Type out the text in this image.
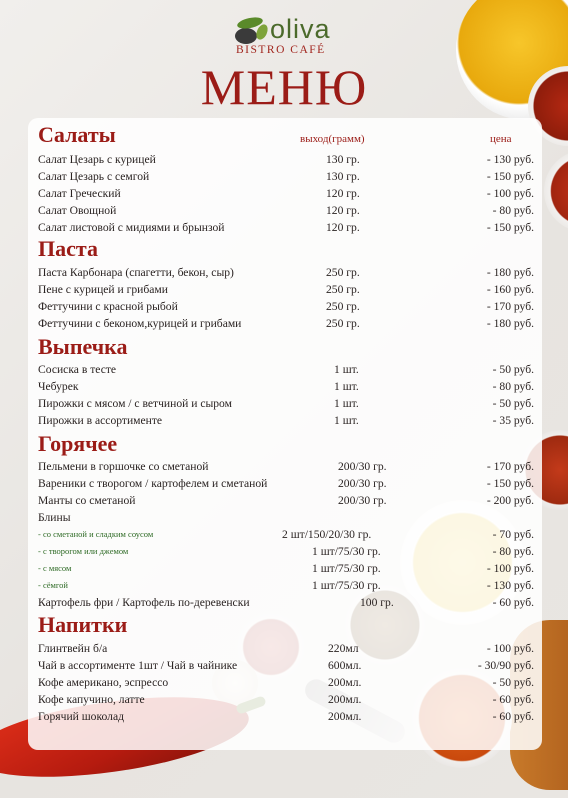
oliva
BISTRO CAFÉ
МЕНЮ
выход(грамм)	цена
Салаты
Салат Цезарь с курицей	130 гр.	- 130 руб.
Салат Цезарь с семгой	130 гр.	- 150 руб.
Салат Греческий	120 гр.	- 100 руб.
Салат Овощной	120 гр.	- 80 руб.
Салат листовой с мидиями и брынзой	120 гр.	- 150 руб.
Паста
Паста Карбонара (спагетти, бекон, сыр)	250 гр.	- 180 руб.
Пене с курицей и грибами	250 гр.	- 160 руб.
Феттучини с красной рыбой	250 гр.	- 170 руб.
Феттучини с беконом,курицей и грибами	250 гр.	- 180 руб.
Выпечка
Сосиска в тесте	1 шт.	- 50 руб.
Чебурек	1 шт.	- 80 руб.
Пирожки с мясом / с ветчиной и сыром	1 шт.	- 50 руб.
Пирожки в ассортименте	1 шт.	- 35 руб.
Горячее
Пельмени в горшочке со сметаной	200/30 гр.	- 170 руб.
Вареники с творогом / картофелем и сметаной	200/30 гр.	- 150 руб.
Манты со сметаной	200/30 гр.	- 200 руб.
Блины
- со сметаной и сладким соусом	2 шт/150/20/30 гр.	- 70 руб.
- с творогом или джемом	1 шт/75/30 гр.	- 80 руб.
- с мясом	1 шт/75/30 гр.	- 100 руб.
- сёмгой	1 шт/75/30 гр.	- 130 руб.
Картофель фри / Картофель по-деревенски	100 гр.	- 60 руб.
Напитки
Глинтвейн б/а	220мл	- 100 руб.
Чай в ассортименте 1шт / Чай в чайнике	600мл.	- 30/90 руб.
Кофе американо, эспрессо	200мл.	- 50 руб.
Кофе капучино, латте	200мл.	- 60 руб.
Горячий шоколад	200мл.	- 60 руб.
